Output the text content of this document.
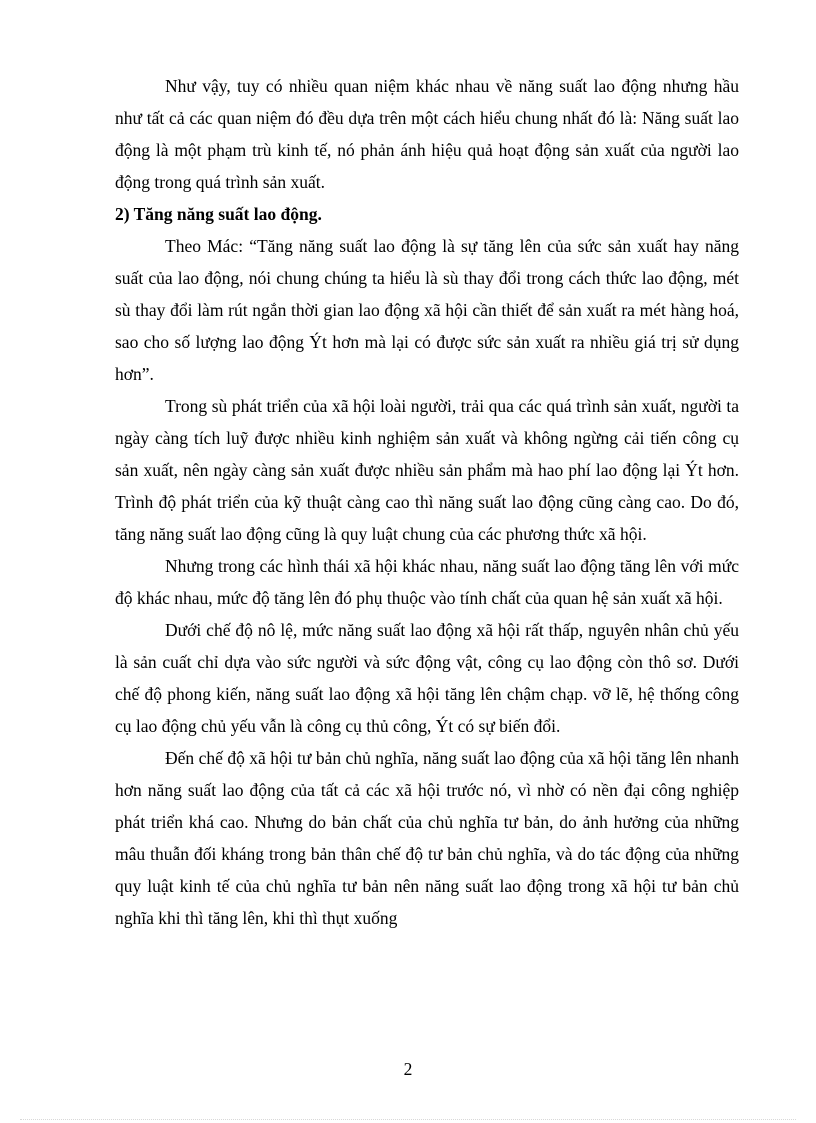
Như vậy, tuy có nhiều quan niệm khác nhau về năng suất lao động nhưng hầu như tất cả các quan niệm đó đều dựa trên một cách hiểu chung nhất đó là: Năng suất lao động là một phạm trù kinh tế, nó phản ánh hiệu quả hoạt động sản xuất của người lao động trong quá trình sản xuất.

2) Tăng năng suất lao động.

Theo Mác: “Tăng năng suất lao động là sự tăng lên của sức sản xuất hay năng suất của lao động, nói chung chúng ta hiểu là sù thay đổi trong cách thức lao động, mét sù thay đổi làm rút ngắn thời gian lao động xã hội cần thiết để sản xuất ra mét hàng hoá, sao cho số lượng lao động Ýt hơn mà lại có được sức sản xuất ra nhiều giá trị sử dụng hơn”.

Trong sù phát triển của xã hội loài người, trải qua các quá trình sản xuất, người ta ngày càng tích luỹ được nhiều kinh nghiệm sản xuất và không ngừng cải tiến công cụ sản xuất, nên ngày càng sản xuất được nhiều sản phẩm mà hao phí lao động lại Ýt hơn. Trình độ phát triển của kỹ thuật càng cao thì năng suất lao động cũng càng cao. Do đó, tăng năng suất lao động cũng là quy luật chung của các phương thức xã hội.

Nhưng trong các hình thái xã hội khác nhau, năng suất lao động tăng lên với mức độ khác nhau, mức độ tăng lên đó phụ thuộc vào tính chất của quan hệ sản xuất xã hội.

Dưới chế độ nô lệ, mức năng suất lao động xã hội rất thấp, nguyên nhân chủ yếu là sản cuất chỉ dựa vào sức người và sức động vật, công cụ lao động còn thô sơ. Dưới chế độ phong kiến, năng suất lao động xã hội tăng lên chậm chạp. vỡ lẽ, hệ thống công cụ lao động chủ yếu vẫn là công cụ thủ công, Ýt có sự biến đổi.

Đến chế độ xã hội tư bản chủ nghĩa, năng suất lao động của xã hội tăng lên nhanh hơn năng suất lao động của tất cả các xã hội trước nó, vì nhờ có nền đại công nghiệp phát triển khá cao. Nhưng do bản chất của chủ nghĩa tư bản, do ảnh hưởng của những mâu thuẫn đối kháng trong bản thân chế độ tư bản chủ nghĩa, và do tác động của những quy luật kinh tế của chủ nghĩa tư bản nên năng suất lao động trong xã hội tư bản chủ nghĩa khi thì tăng lên, khi thì thụt xuống

2
